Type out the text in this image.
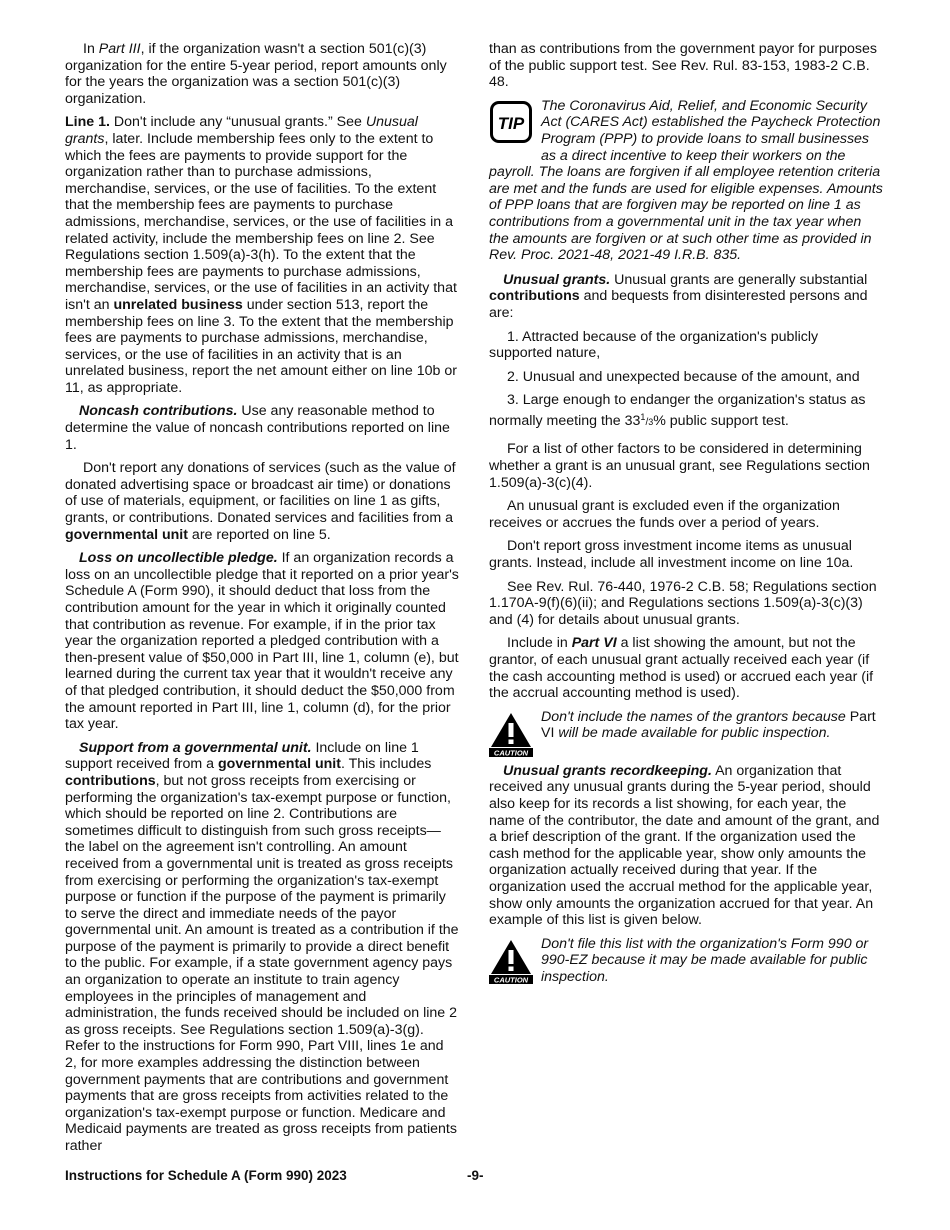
In Part III, if the organization wasn't a section 501(c)(3) organization for the entire 5-year period, report amounts only for the years the organization was a section 501(c)(3) organization.

Line 1. Don't include any “unusual grants.” See Unusual grants, later. Include membership fees only to the extent to which the fees are payments to provide support for the organization rather than to purchase admissions, merchandise, services, or the use of facilities. To the extent that the membership fees are payments to purchase admissions, merchandise, services, or the use of facilities in a related activity, include the membership fees on line 2. See Regulations section 1.509(a)-3(h). To the extent that the membership fees are payments to purchase admissions, merchandise, services, or the use of facilities in an activity that isn't an unrelated business under section 513, report the membership fees on line 3. To the extent that the membership fees are payments to purchase admissions, merchandise, services, or the use of facilities in an activity that is an unrelated business, report the net amount either on line 10b or 11, as appropriate.

Noncash contributions. Use any reasonable method to determine the value of noncash contributions reported on line 1.

Don't report any donations of services (such as the value of donated advertising space or broadcast air time) or donations of use of materials, equipment, or facilities on line 1 as gifts, grants, or contributions. Donated services and facilities from a governmental unit are reported on line 5.

Loss on uncollectible pledge. If an organization records a loss on an uncollectible pledge that it reported on a prior year's Schedule A (Form 990), it should deduct that loss from the contribution amount for the year in which it originally counted that contribution as revenue. For example, if in the prior tax year the organization reported a pledged contribution with a then-present value of $50,000 in Part III, line 1, column (e), but learned during the current tax year that it wouldn't receive any of that pledged contribution, it should deduct the $50,000 from the amount reported in Part III, line 1, column (d), for the prior tax year.

Support from a governmental unit. Include on line 1 support received from a governmental unit. This includes contributions, but not gross receipts from exercising or performing the organization's tax-exempt purpose or function, which should be reported on line 2. Contributions are sometimes difficult to distinguish from such gross receipts—the label on the agreement isn't controlling. An amount received from a governmental unit is treated as gross receipts from exercising or performing the organization's tax-exempt purpose or function if the purpose of the payment is primarily to serve the direct and immediate needs of the payor governmental unit. An amount is treated as a contribution if the purpose of the payment is primarily to provide a direct benefit to the public. For example, if a state government agency pays an organization to operate an institute to train agency employees in the principles of management and administration, the funds received should be included on line 2 as gross receipts. See Regulations section 1.509(a)-3(g). Refer to the instructions for Form 990, Part VIII, lines 1e and 2, for more examples addressing the distinction between government payments that are contributions and government payments that are gross receipts from activities related to the organization's tax-exempt purpose or function. Medicare and Medicaid payments are treated as gross receipts from patients rather

than as contributions from the government payor for purposes of the public support test. See Rev. Rul. 83-153, 1983-2 C.B. 48.

TIP
The Coronavirus Aid, Relief, and Economic Security Act (CARES Act) established the Paycheck Protection Program (PPP) to provide loans to small businesses as a direct incentive to keep their workers on the payroll. The loans are forgiven if all employee retention criteria are met and the funds are used for eligible expenses. Amounts of PPP loans that are forgiven may be reported on line 1 as contributions from a governmental unit in the tax year when the amounts are forgiven or at such other time as provided in Rev. Proc. 2021-48, 2021-49 I.R.B. 835.

Unusual grants. Unusual grants are generally substantial contributions and bequests from disinterested persons and are:

1. Attracted because of the organization's publicly supported nature,

2. Unusual and unexpected because of the amount, and

3. Large enough to endanger the organization's status as normally meeting the $33^1/3\%$ public support test.

For a list of other factors to be considered in determining whether a grant is an unusual grant, see Regulations section 1.509(a)-3(c)(4).

An unusual grant is excluded even if the organization receives or accrues the funds over a period of years.

Don't report gross investment income items as unusual grants. Instead, include all investment income on line 10a.

See Rev. Rul. 76-440, 1976-2 C.B. 58; Regulations section 1.170A-9(f)(6)(ii); and Regulations sections 1.509(a)-3(c)(3) and (4) for details about unusual grants.

Include in Part VI a list showing the amount, but not the grantor, of each unusual grant actually received each year (if the cash accounting method is used) or accrued each year (if the accrual accounting method is used).

CAUTION
Don't include the names of the grantors because Part VI will be made available for public inspection.

Unusual grants recordkeeping. An organization that received any unusual grants during the 5-year period, should also keep for its records a list showing, for each year, the name of the contributor, the date and amount of the grant, and a brief description of the grant. If the organization used the cash method for the applicable year, show only amounts the organization actually received during that year. If the organization used the accrual method for the applicable year, show only amounts the organization accrued for that year. An example of this list is given below.

CAUTION
Don't file this list with the organization's Form 990 or 990-EZ because it may be made available for public inspection.
Instructions for Schedule A (Form 990) 2023	-9-
